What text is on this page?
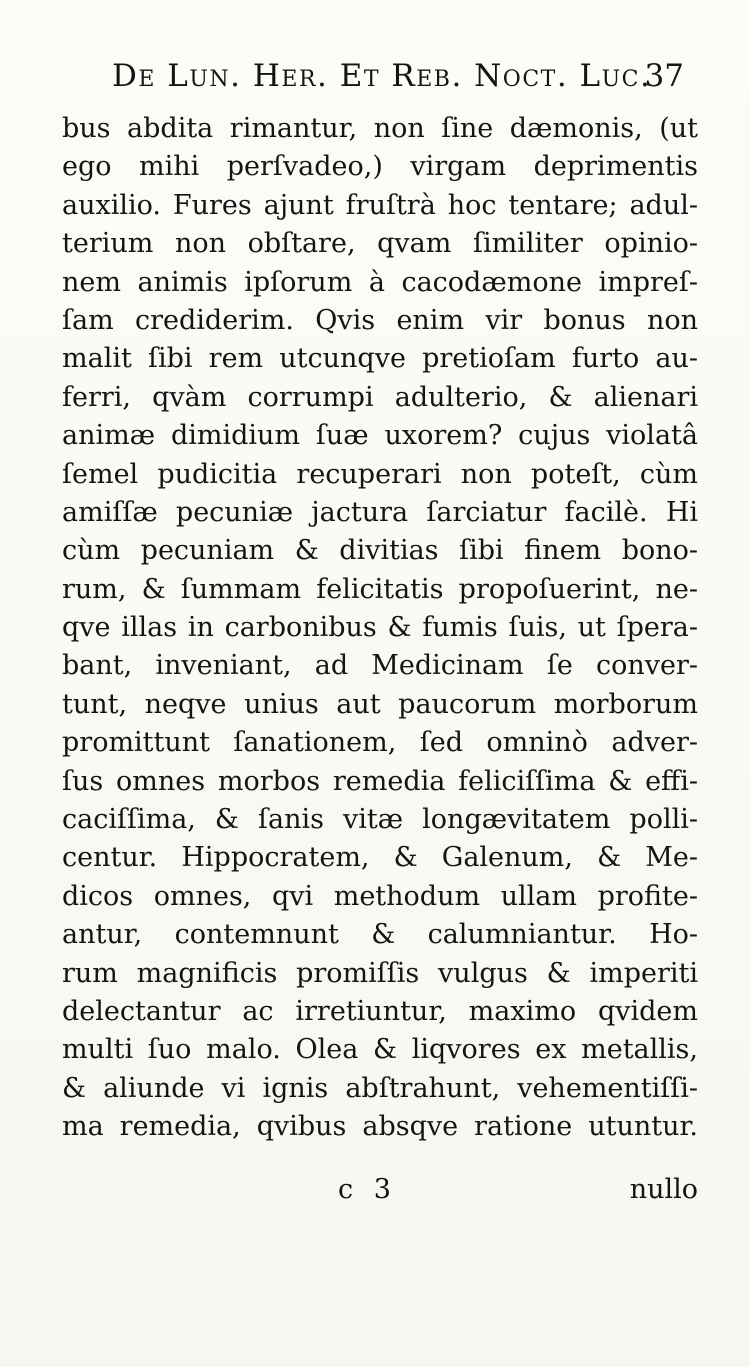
De Lun. Her. Et Reb. Noct. Luc.
37
bus abdita rimantur, non ſine dæmonis, (ut
ego mihi perſvadeo,) virgam deprimentis
auxilio. Fures ajunt fruſtrà hoc tentare; adul-
terium non obſtare, qvam ſimiliter opinio-
nem animis ipſorum à cacodæmone impreſ-
ſam crediderim. Qvis enim vir bonus non
malit ſibi rem utcunqve pretioſam furto au-
ferri, qvàm corrumpi adulterio, & alienari
animæ dimidium ſuæ uxorem? cujus violatâ
ſemel pudicitia recuperari non poteſt, cùm
amiſſæ pecuniæ jactura ſarciatur facilè. Hi
cùm pecuniam & divitias ſibi finem bono-
rum, & ſummam felicitatis propoſuerint, ne-
qve illas in carbonibus & fumis ſuis, ut ſpera-
bant, inveniant, ad Medicinam ſe conver-
tunt, neqve unius aut paucorum morborum
promittunt ſanationem, ſed omninò adver-
ſus omnes morbos remedia feliciſſima & effi-
caciſſima, & ſanis vitæ longævitatem polli-
centur. Hippocratem, & Galenum, & Me-
dicos omnes, qvi methodum ullam profite-
antur, contemnunt & calumniantur. Ho-
rum magnificis promiſſis vulgus & imperiti
delectantur ac irretiuntur, maximo qvidem
multi ſuo malo. Olea & liqvores ex metallis,
& aliunde vi ignis abſtrahunt, vehementiſſi-
ma remedia, qvibus absqve ratione utuntur.
c 3	nullo
